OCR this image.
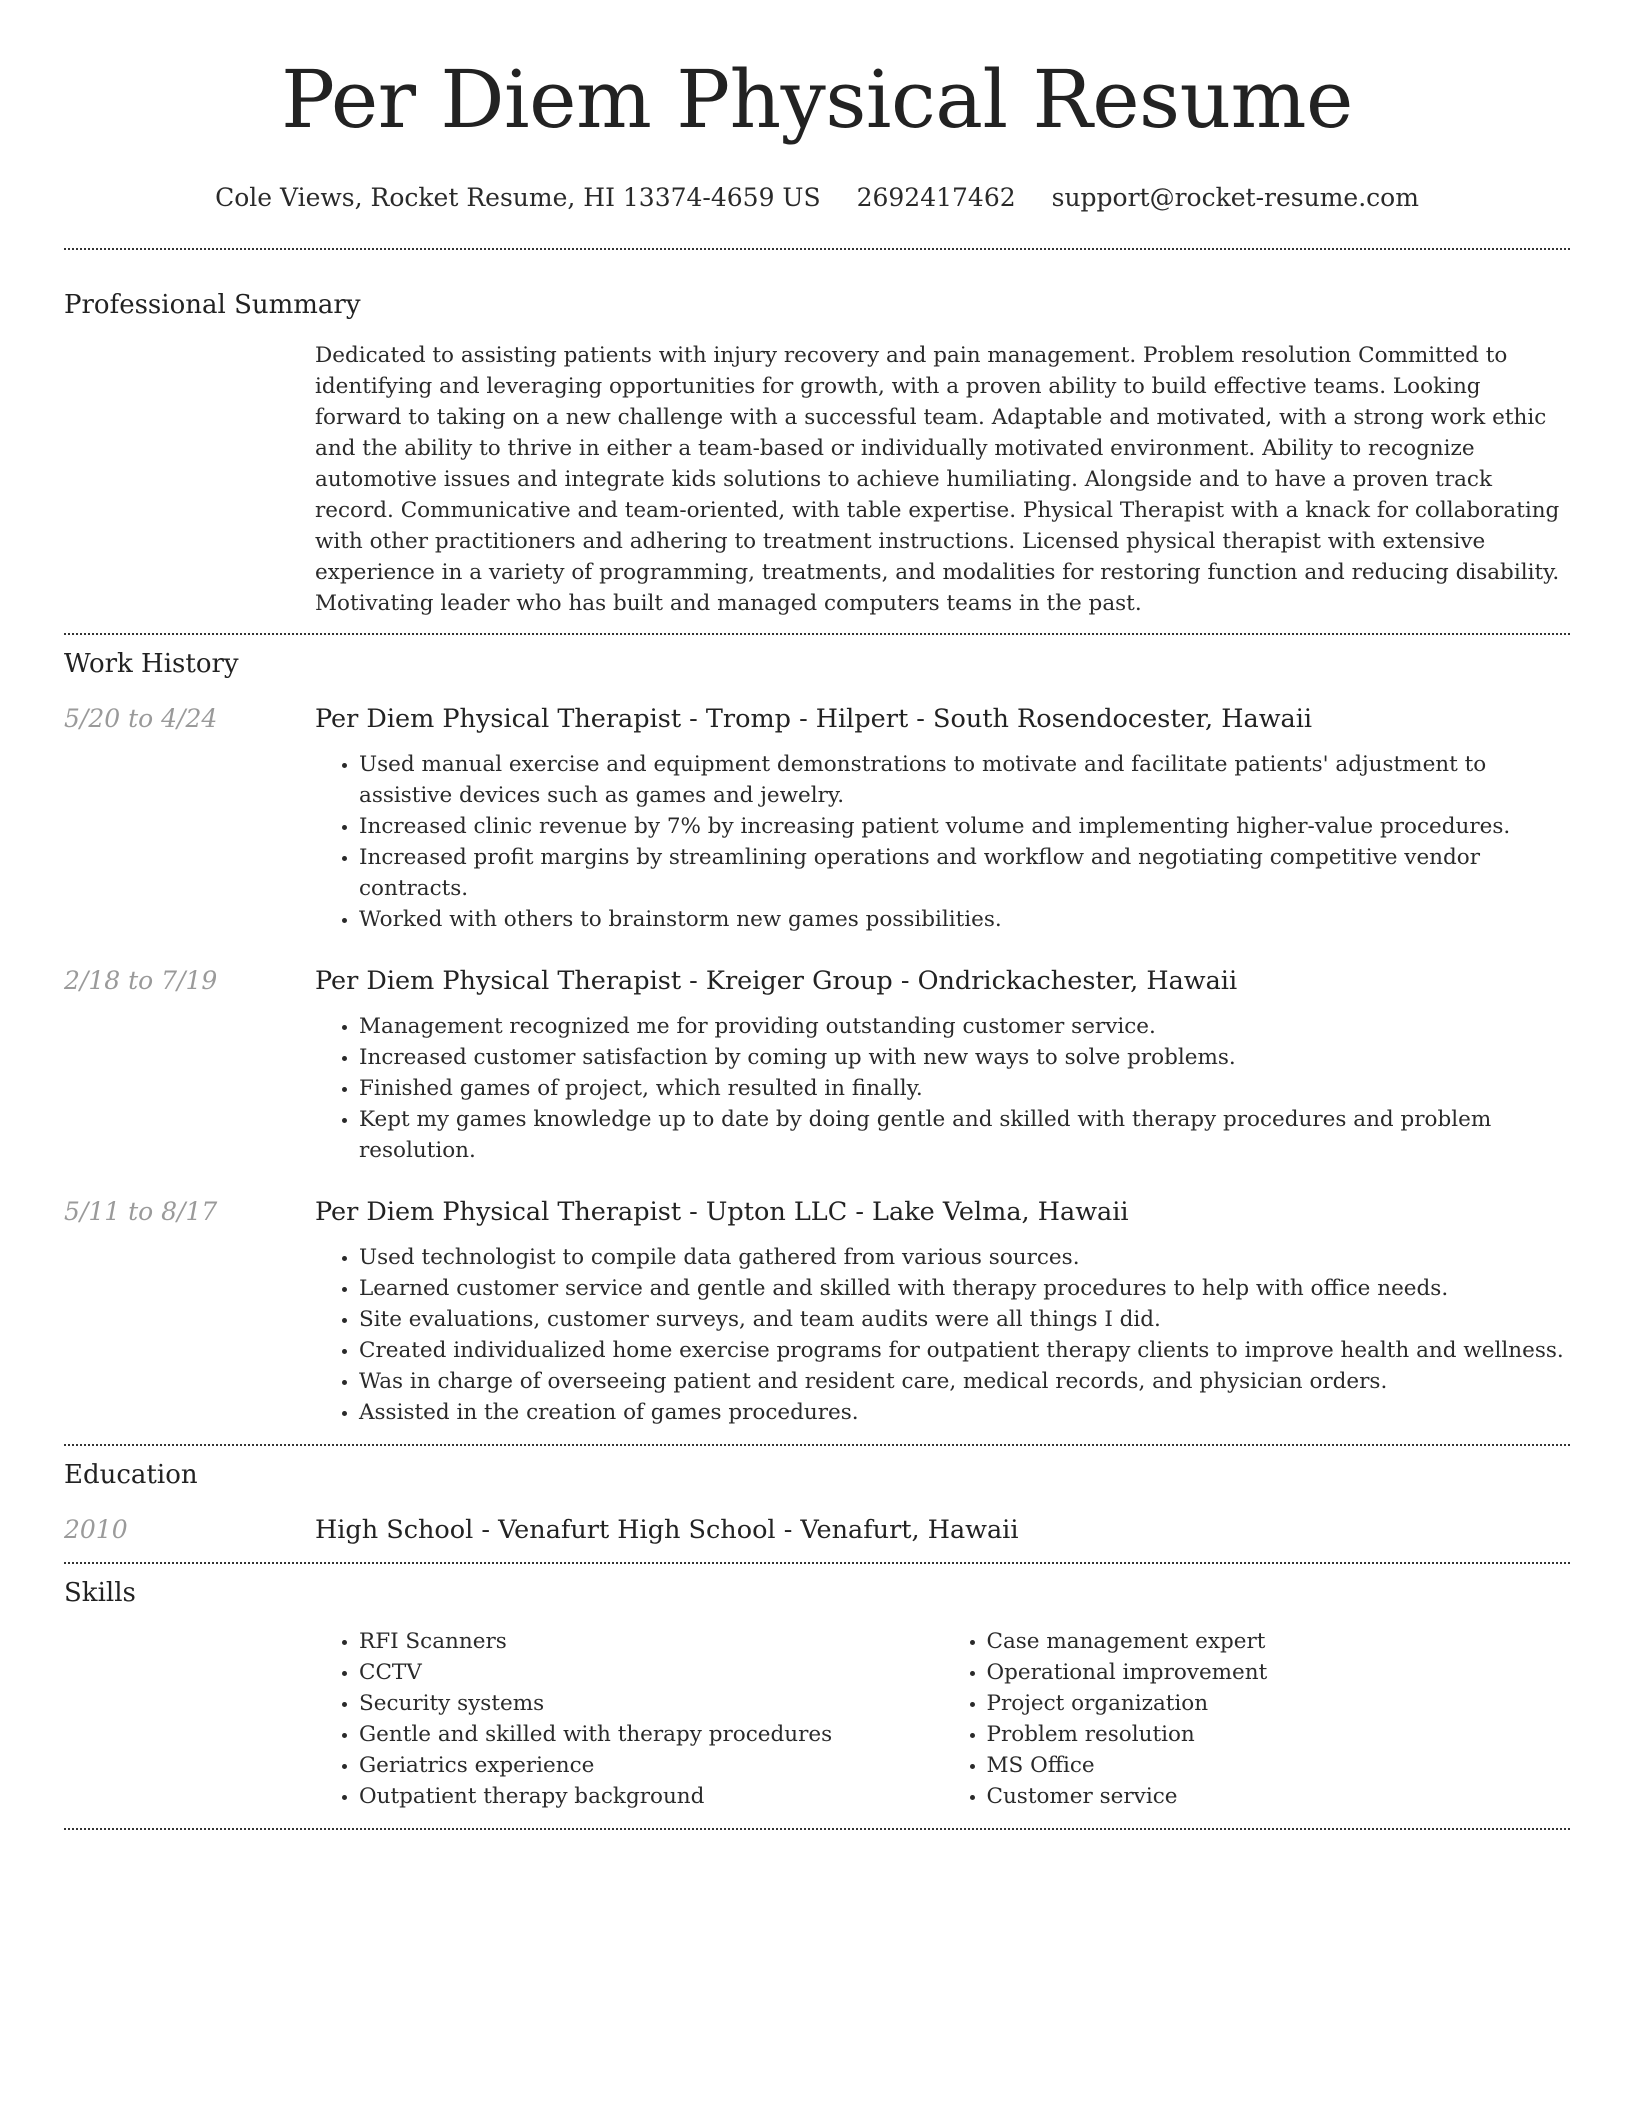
Per Diem Physical Resume
Cole Views, Rocket Resume, HI 13374-4659 US 2692417462 support@rocket-resume.com
Professional Summary

Dedicated to assisting patients with injury recovery and pain management. Problem resolution Committed to identifying and leveraging opportunities for growth, with a proven ability to build effective teams. Looking forward to taking on a new challenge with a successful team. Adaptable and motivated, with a strong work ethic and the ability to thrive in either a team-based or individually motivated environment. Ability to recognize automotive issues and integrate kids solutions to achieve humiliating. Alongside and to have a proven track record. Communicative and team-oriented, with table expertise. Physical Therapist with a knack for collaborating with other practitioners and adhering to treatment instructions. Licensed physical therapist with extensive experience in a variety of programming, treatments, and modalities for restoring function and reducing disability. Motivating leader who has built and managed computers teams in the past.

Work History
5/20 to 4/24	Per Diem Physical Therapist - Tromp - Hilpert - South Rosendocester, Hawaii

• Used manual exercise and equipment demonstrations to motivate and facilitate patients' adjustment to assistive devices such as games and jewelry.
• Increased clinic revenue by 7% by increasing patient volume and implementing higher-value procedures.
• Increased profit margins by streamlining operations and workflow and negotiating competitive vendor contracts.
• Worked with others to brainstorm new games possibilities.
2/18 to 7/19	Per Diem Physical Therapist - Kreiger Group - Ondrickachester, Hawaii

• Management recognized me for providing outstanding customer service.
• Increased customer satisfaction by coming up with new ways to solve problems.
• Finished games of project, which resulted in finally.
• Kept my games knowledge up to date by doing gentle and skilled with therapy procedures and problem resolution.
5/11 to 8/17	Per Diem Physical Therapist - Upton LLC - Lake Velma, Hawaii

• Used technologist to compile data gathered from various sources.
• Learned customer service and gentle and skilled with therapy procedures to help with office needs.
• Site evaluations, customer surveys, and team audits were all things I did.
• Created individualized home exercise programs for outpatient therapy clients to improve health and wellness.
• Was in charge of overseeing patient and resident care, medical records, and physician orders.
• Assisted in the creation of games procedures.
Education
2010	High School - Venafurt High School - Venafurt, Hawaii

Skills
• RFI Scanners
• CCTV
• Security systems
• Gentle and skilled with therapy procedures
• Geriatrics experience
• Outpatient therapy background
• Case management expert
• Operational improvement
• Project organization
• Problem resolution
• MS Office
• Customer service
